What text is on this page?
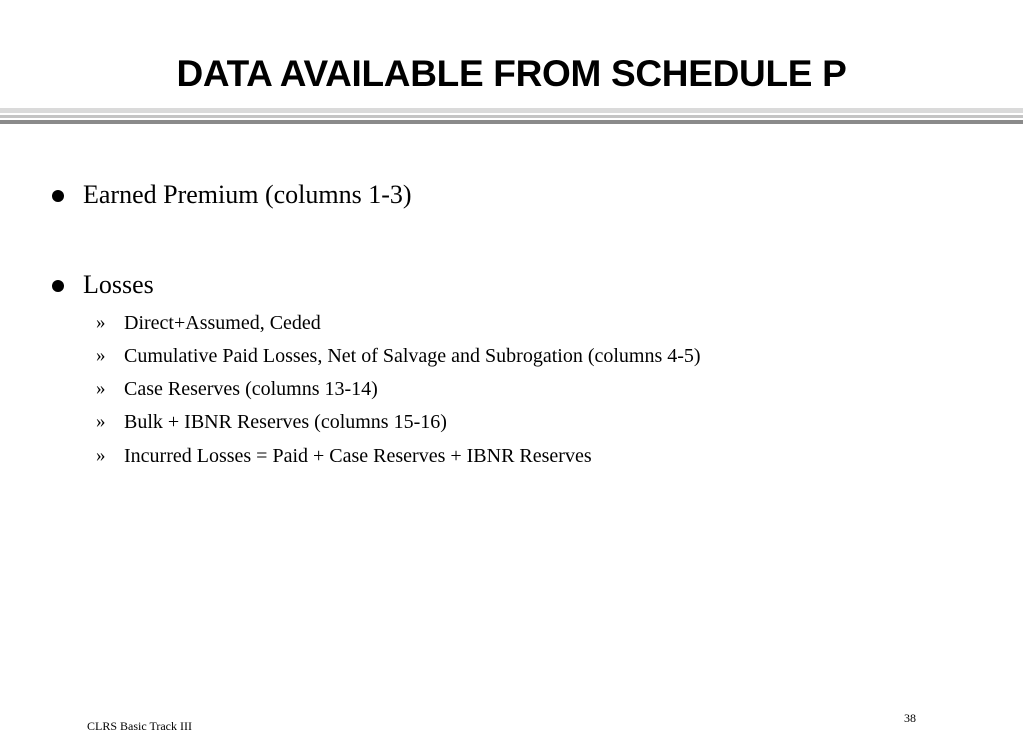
DATA AVAILABLE FROM SCHEDULE P
Earned Premium (columns 1-3)
Losses
» Direct+Assumed, Ceded
» Cumulative Paid Losses, Net of Salvage and Subrogation (columns 4-5)
» Case Reserves (columns 13-14)
» Bulk + IBNR Reserves (columns 15-16)
» Incurred Losses = Paid + Case Reserves + IBNR Reserves
CLRS Basic Track III
38
